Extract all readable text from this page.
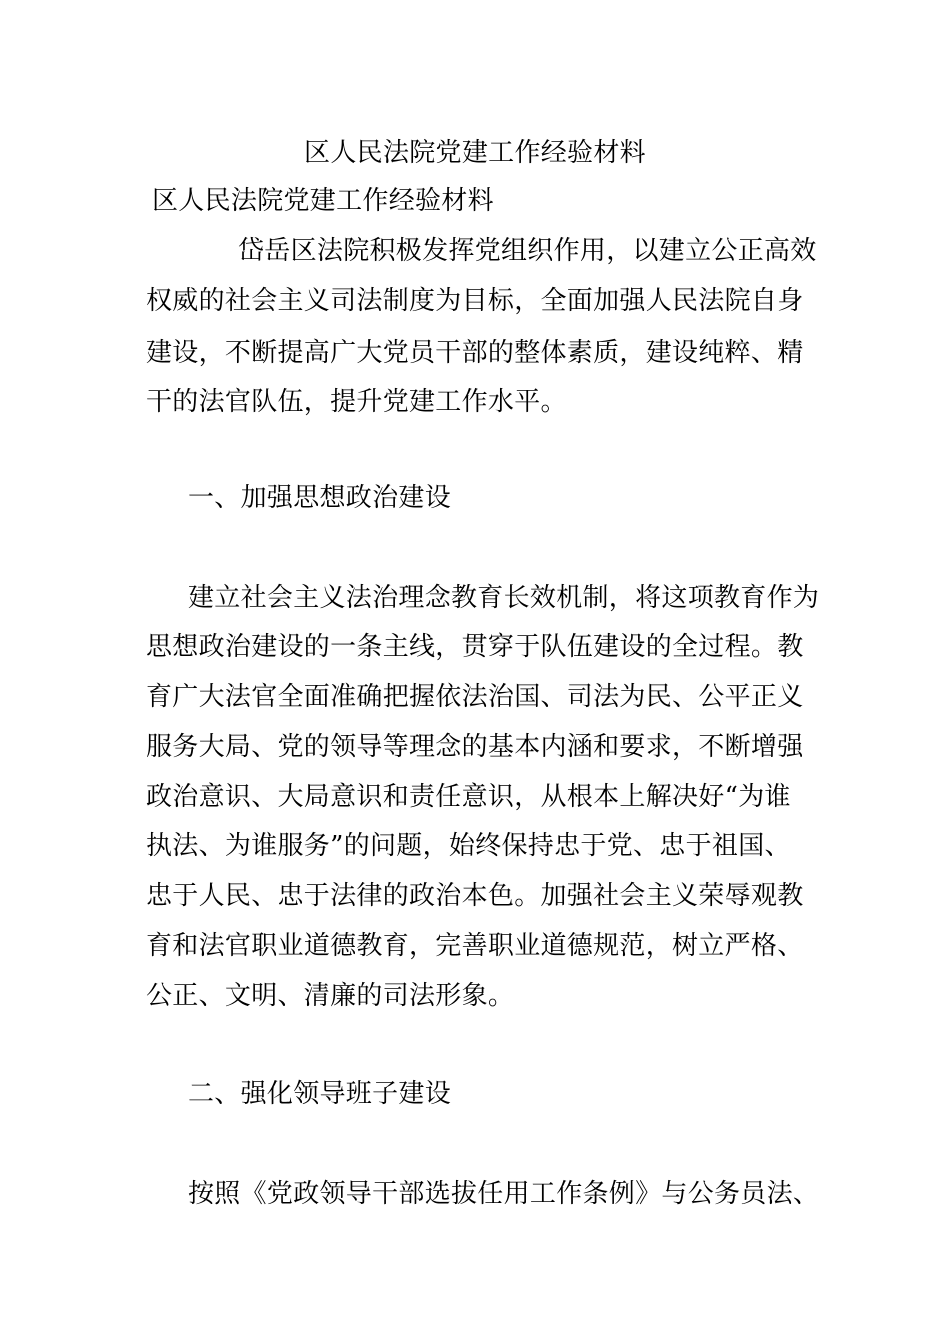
区人民法院党建工作经验材料
区人民法院党建工作经验材料
岱岳区法院积极发挥党组织作用，以建立公正高效
权威的社会主义司法制度为目标，全面加强人民法院自身
建设，不断提高广大党员干部的整体素质，建设纯粹、精
干的法官队伍，提升党建工作水平。
一、加强思想政治建设
建立社会主义法治理念教育长效机制，将这项教育作为
思想政治建设的一条主线，贯穿于队伍建设的全过程。教
育广大法官全面准确把握依法治国、司法为民、公平正义
服务大局、党的领导等理念的基本内涵和要求，不断增强
政治意识、大局意识和责任意识，从根本上解决好“为谁
执法、为谁服务”的问题，始终保持忠于党、忠于祖国、
忠于人民、忠于法律的政治本色。加强社会主义荣辱观教
育和法官职业道德教育，完善职业道德规范，树立严格、
公正、文明、清廉的司法形象。
二、强化领导班子建设
按照《党政领导干部选拔任用工作条例》与公务员法、
